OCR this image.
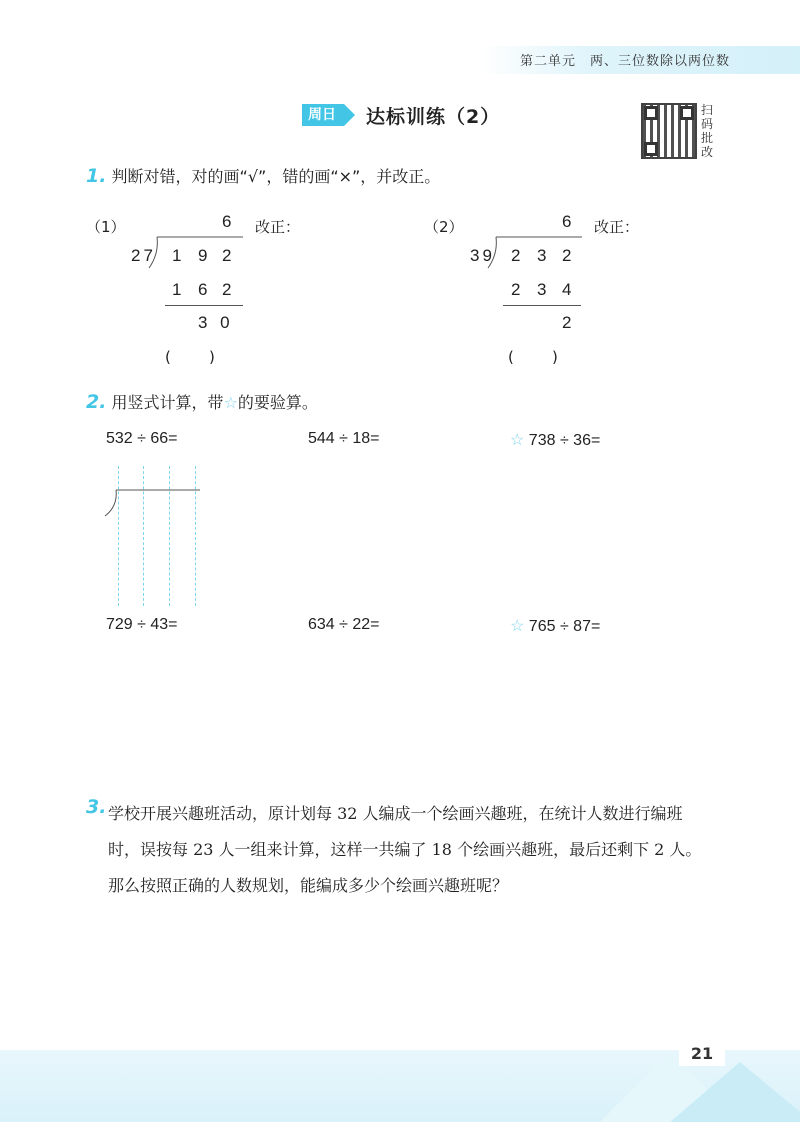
第二单元 两、三位数除以两位数
周日	达标训练（2）	扫码批改
1. 判断对错，对的画“√”，错的画“×”，并改正。
（1）	6
27 1 9 2
1 6 2
3 0
改正：
(        )
（2）	6
39 2 3 2
2 3 4
2
改正：
(        )
2. 用竖式计算，带☆的要验算。
532 ÷ 66=	544 ÷ 18=	☆ 738 ÷ 36=
729 ÷ 43=	634 ÷ 22=	☆ 765 ÷ 87=
3. 学校开展兴趣班活动，原计划每 32 人编成一个绘画兴趣班，在统计人数进行编班
时，误按每 23 人一组来计算，这样一共编了 18 个绘画兴趣班，最后还剩下 2 人。
那么按照正确的人数规划，能编成多少个绘画兴趣班呢？
21
